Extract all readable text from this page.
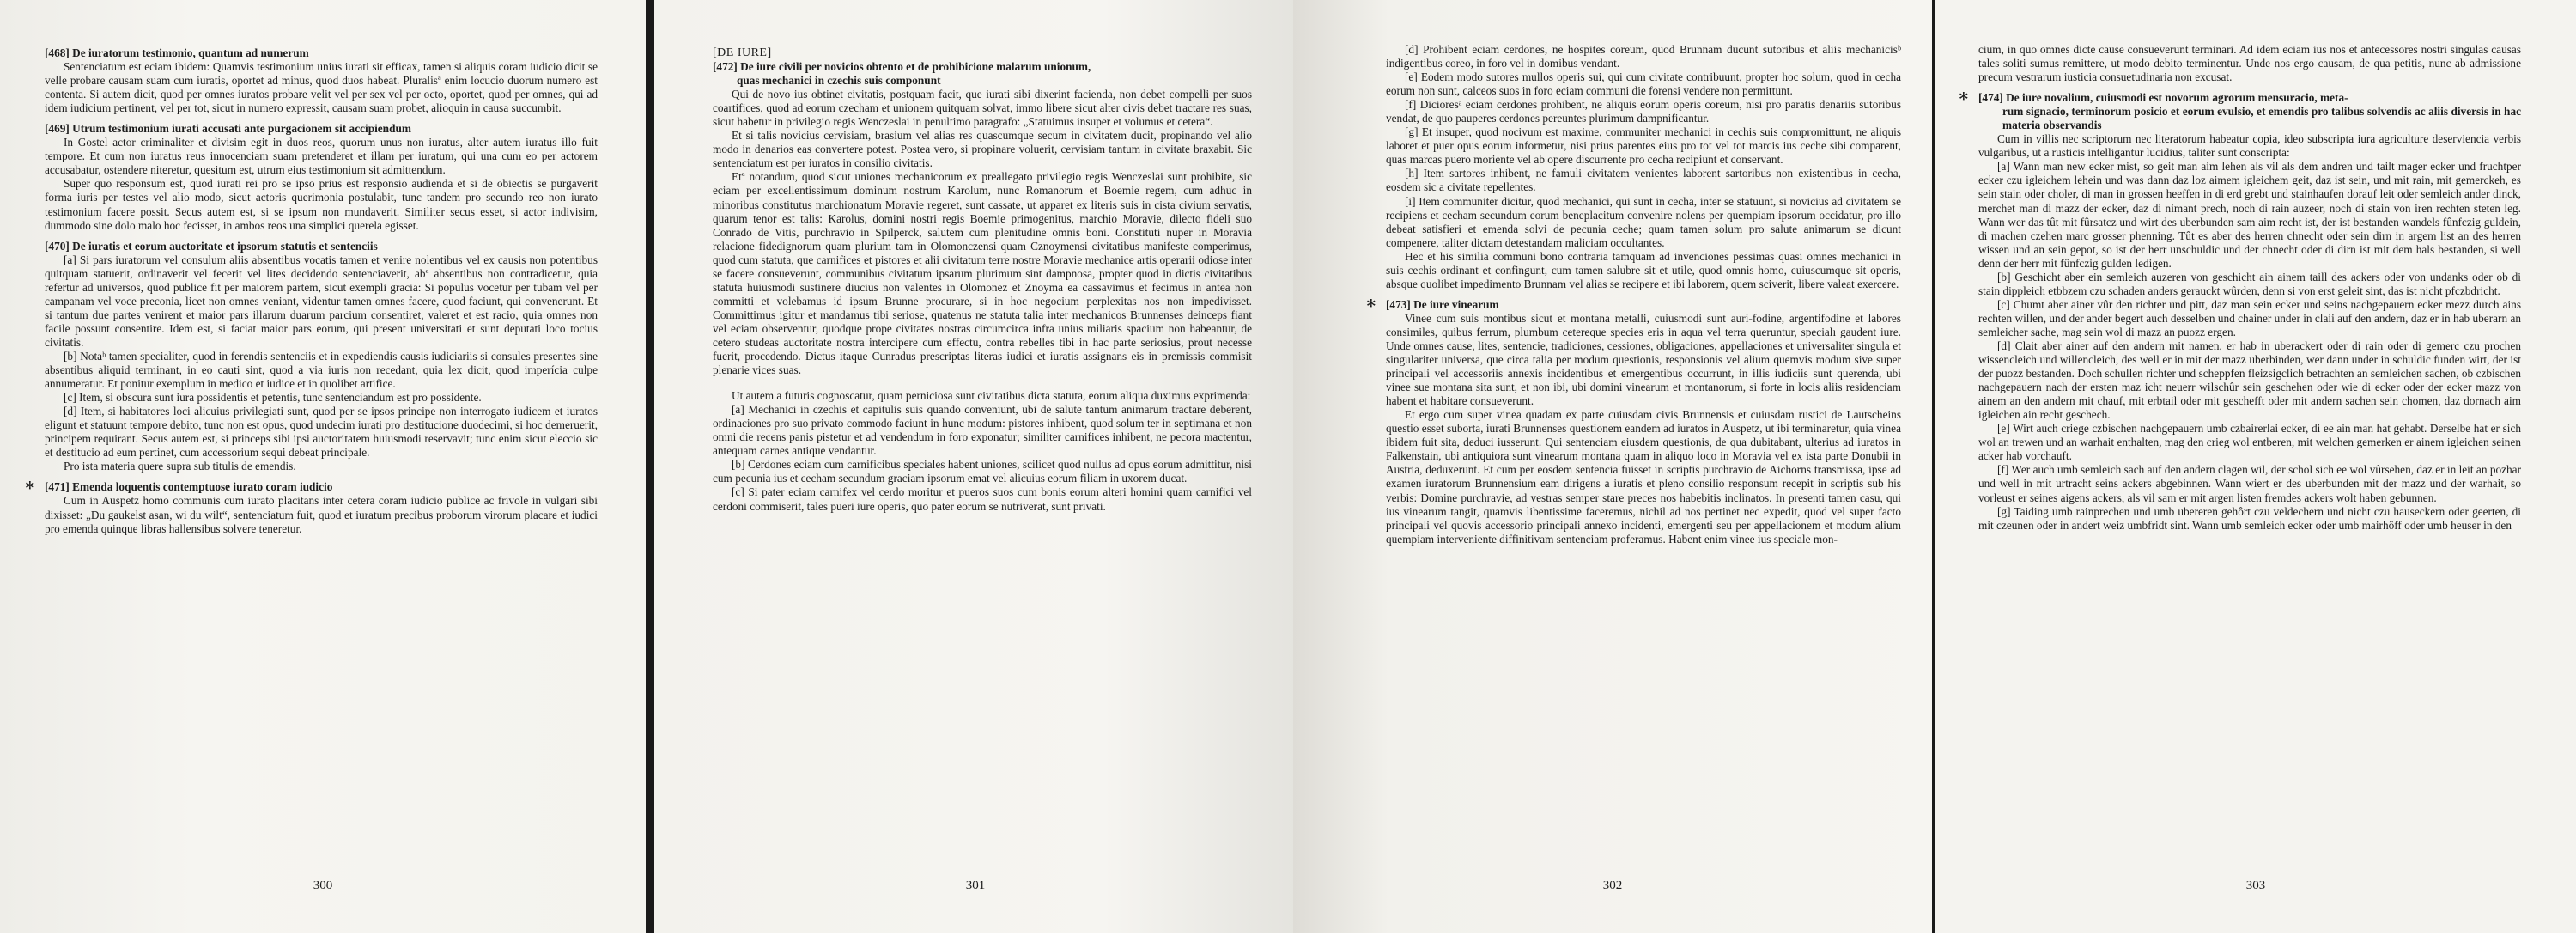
[468] De iuratorum testimonio, quantum ad numerum

Sentenciatum est eciam ibidem: Quamvis testimonium unius iurati sit efficax, tamen si aliquis coram iudicio dicit se velle probare causam suam cum iuratis, oportet ad minus, quod duos habeat. Pluralisª enim locucio duorum numero est contenta. Si autem dicit, quod per omnes iuratos probare velit vel per sex vel per octo, oportet, quod per omnes, qui ad idem iudicium pertinent, vel per tot, sicut in numero expressit, causam suam probet, alioquin in causa succumbit.

[469] Utrum testimonium iurati accusati ante purgacionem sit accipiendum

In Gostel actor criminaliter et divisim egit in duos reos, quorum unus non iuratus, alter autem iuratus illo fuit tempore. Et cum non iuratus reus innocenciam suam pretenderet et illam per iuratum, qui una cum eo per actorem accusabatur, ostendere niteretur, quesitum est, utrum eius testimonium sit admittendum.

Super quo responsum est, quod iurati rei pro se ipso prius est responsio audienda et si de obiectis se purgaverit forma iuris per testes vel alio modo, sicut actoris querimonia postulabit, tunc tandem pro secundo reo non iurato testimonium facere possit. Secus autem est, si se ipsum non mundaverit. Similiter secus esset, si actor indivisim, dummodo sine dolo malo hoc fecisset, in ambos reos una simplici querela egisset.

[470] De iuratis et eorum auctoritate et ipsorum statutis et sentenciis

[a] Si pars iuratorum vel consulum aliis absentibus vocatis tamen et venire nolentibus vel ex causis non potentibus quitquam statuerit, ordinaverit vel fecerit vel lites decidendo sentenciaverit, abª absentibus non contradicetur, quia refertur ad universos, quod publice fit per maiorem partem, sicut exempli gracia: Si populus vocetur per tubam vel per campanam vel voce preconia, licet non omnes veniant, videntur tamen omnes facere, quod faciunt, qui convenerunt. Et si tantum due partes venirent et maior pars illarum duarum parcium consentiret, valeret et est racio, quia omnes non facile possunt consentire. Idem est, si faciat maior pars eorum, qui present universitati et sunt deputati loco tocius civitatis.

[b] Notaᵇ tamen specialiter, quod in ferendis sentenciis et in expediendis causis iudiciariis si consules presentes sine absentibus aliquid terminant, in eo cauti sint, quod a via iuris non recedant, quia lex dicit, quod imperícia culpe annumeratur. Et ponitur exemplum in medico et iudice et in quolibet artifice.

[c] Item, si obscura sunt iura possidentis et petentis, tunc sentenciandum est pro possidente.

[d] Item, si habitatores loci alicuius privilegiati sunt, quod per se ipsos principe non interrogato iudicem et iuratos eligunt et statuunt tempore debito, tunc non est opus, quod undecim iurati pro destitucione duodecimi, si hoc demeruerit, principem requirant. Secus autem est, si princeps sibi ipsi auctoritatem huiusmodi reservavit; tunc enim sicut eleccio sic et destitucio ad eum pertinet, cum accessorium sequi debeat principale.

Pro ista materia quere supra sub titulis de emendis.

∗ [471] Emenda loquentis contemptuose iurato coram iudicio

Cum in Auspetz homo communis cum iurato placitans inter cetera coram iudicio publice ac frivole in vulgari sibi dixisset: „Du gaukelst asan, wi du wilt“, sentenciatum fuit, quod et iuratum precibus proborum virorum placare et iudici pro emenda quinque libras hallensibus solvere teneretur.

300

[DE IURE]

[472] De iure civili per novicios obtento et de prohibicione malarum unionum,

quas mechanici in czechis suis componunt

Qui de novo ius obtinet civitatis, postquam facit, que iurati sibi dixerint facienda, non debet compelli per suos coartifices, quod ad eorum czecham et unionem quitquam solvat, immo libere sicut alter civis debet tractare res suas, sicut habetur in privilegio regis Wenczeslai in penultimo paragrafo: „Statuimus insuper et volumus et cetera“.

Et si talis novicius cervisiam, brasium vel alias res quascumque secum in civitatem ducit, propinando vel alio modo in denarios eas convertere potest. Postea vero, si propinare voluerit, cervisiam tantum in civitate braxabit. Sic sentenciatum est per iuratos in consilio civitatis.

Etª notandum, quod sicut uniones mechanicorum ex preallegato privilegio regis Wenczeslai sunt prohibite, sic eciam per excellentissimum dominum nostrum Karolum, nunc Romanorum et Boemie regem, cum adhuc in minoribus constitutus marchionatum Moravie regeret, sunt cassate, ut apparet ex literis suis in cista civium servatis, quarum tenor est talis: Karolus, domini nostri regis Boemie primogenitus, marchio Moravie, dilecto fideli suo Conrado de Vitis, purchravio in Spilperck, salutem cum plenitudine omnis boni. Constituti nuper in Moravia relacione fidedignorum quam plurium tam in Olomonczensi quam Cznoymensi civitatibus manifeste comperimus, quod cum statuta, que carnifices et pistores et alii civitatum terre nostre Moravie mechanice artis operarii odiose inter se facere consueverunt, communibus civitatum ipsarum plurimum sint dampnosa, propter quod in dictis civitatibus statuta huiusmodi sustinere diucius non valentes in Olomonez et Znoyma ea cassavimus et fecimus in antea non committi et volebamus id ipsum Brunne procurare, si in hoc negocium perplexitas nos non impedivisset. Committimus igitur et mandamus tibi seriose, quatenus ne statuta talia inter mechanicos Brunnenses deinceps fiant vel eciam observentur, quodque prope civitates nostras circumcirca infra unius miliaris spacium non habeantur, de cetero studeas auctoritate nostra intercipere cum effectu, contra rebelles tibi in hac parte seriosius, prout necesse fuerit, procedendo. Dictus itaque Cunradus prescriptas literas iudici et iuratis assignans eis in premissis commisit plenarie vices suas.

Ut autem a futuris cognoscatur, quam perniciosa sunt civitatibus dicta statuta, eorum aliqua duximus exprimenda:

[a] Mechanici in czechis et capitulis suis quando conveniunt, ubi de salute tantum animarum tractare deberent, ordinaciones pro suo privato commodo faciunt in hunc modum: pistores inhibent, quod solum ter in septimana et non omni die recens panis pistetur et ad vendendum in foro exponatur; similiter carnifices inhibent, ne pecora mactentur, antequam carnes antique vendantur.

[b] Cerdones eciam cum carnificibus speciales habent uniones, scilicet quod nullus ad opus eorum admittitur, nisi cum pecunia ius et cecham secundum graciam ipsorum emat vel alicuius eorum filiam in uxorem ducat.

[c] Si pater eciam carnifex vel cerdo moritur et pueros suos cum bonis eorum alteri homini quam carnifici vel cerdoni commiserit, tales pueri iure operis, quo pater eorum se nutriverat, sunt privati.

301

[d] Prohibent eciam cerdones, ne hospites coreum, quod Brunnam ducunt sutoribus et aliis mechanicisᵇ indigentibus coreo, in foro vel in domibus vendant.

[e] Eodem modo sutores mullos operis sui, qui cum civitate contribuunt, propter hoc solum, quod in cecha eorum non sunt, calceos suos in foro eciam communi die forensi vendere non permittunt.

[f] Dicioresᵃ eciam cerdones prohibent, ne aliquis eorum operis coreum, nisi pro paratis denariis sutoribus vendat, de quo pauperes cerdones pereuntes plurimum dampnificantur.

[g] Et insuper, quod nocivum est maxime, communiter mechanici in cechis suis compromittunt, ne aliquis laboret et puer opus eorum informetur, nisi prius parentes eius pro tot vel tot marcis ius ceche sibi comparent, quas marcas puero moriente vel ab opere discurrente pro cecha recipiunt et conservant.

[h] Item sartores inhibent, ne famuli civitatem venientes laborent sartoribus non existentibus in cecha, eosdem sic a civitate repellentes.

[i] Item communiter dicitur, quod mechanici, qui sunt in cecha, inter se statuunt, si novicius ad civitatem se recipiens et cecham secundum eorum beneplacitum convenire nolens per quempiam ipsorum occidatur, pro illo debeat satisfieri et emenda solvi de pecunia ceche; quam tamen solum pro salute animarum se dicunt compenere, taliter dictam detestandam maliciam occultantes.

Hec et his similia communi bono contraria tamquam ad invenciones pessimas quasi omnes mechanici in suis cechis ordinant et confingunt, cum tamen salubre sit et utile, quod omnis homo, cuiuscumque sit operis, absque quolibet impedimento Brunnam vel alias se recipere et ibi laborem, quem sciverit, libere valeat exercere.

∗ [473] De iure vinearum

Vinee cum suis montibus sicut et montana metalli, cuiusmodi sunt auri-fodine, argentifodine et labores consimiles, quibus ferrum, plumbum cetereque species eris in aqua vel terra queruntur, specialı gaudent iure. Unde omnes cause, lites, sentencie, tradiciones, cessiones, obligaciones, appellaciones et universaliter singula et singulariter universa, que circa talia per modum questionis, responsionis vel alium quemvis modum sive super principali vel accessoriis annexis incidentibus et emergentibus occurrunt, in illis iudiciis sunt querenda, ubi vinee sue montana sita sunt, et non ibi, ubi domini vinearum et montanorum, si forte in locis aliis residenciam habent et habitare consueverunt.

Et ergo cum super vinea quadam ex parte cuiusdam civis Brunnensis et cuiusdam rustici de Lautscheins questio esset suborta, iurati Brunnenses questionem eandem ad iuratos in Auspetz, ut ibi terminaretur, quia vinea ibidem fuit sita, deduci iusserunt. Qui sentenciam eiusdem questionis, de qua dubitabant, ulterius ad iuratos in Falkenstain, ubi antiquiora sunt vinearum montana quam in aliquo loco in Moravia vel ex ista parte Donubii in Austria, deduxerunt. Et cum per eosdem sentencia fuisset in scriptis purchravio de Aichorns transmissa, ipse ad examen iuratorum Brunnensium eam dirigens a iuratis et pleno consilio responsum recepit in scriptis sub his verbis: Domine purchravie, ad vestras semper stare preces nos habebitis inclinatos. In presenti tamen casu, qui ius vinearum tangit, quamvis libentissime faceremus, nichil ad nos pertinet nec expedit, quod vel super facto principali vel quovis accessorio principali annexo incidenti, emergenti seu per appellacionem et modum alium quempiam interveniente diffinitivam sentenciam proferamus. Habent enim vinee ius speciale mon-

302

cium, in quo omnes dicte cause consueverunt terminari. Ad idem eciam ius nos et antecessores nostri singulas causas tales soliti sumus remittere, ut modo debito terminentur. Unde nos ergo causam, de qua petitis, nunc ab admissione precum vestrarum iusticia consuetudinaria non excusat.

∗ [474] De iure novalium, cuiusmodi est novorum agrorum mensuracio, meta-

rum signacio, terminorum posicio et eorum evulsio, et emendis pro talibus solvendis ac aliis diversis in hac materia observandis

Cum in villis nec scriptorum nec literatorum habeatur copia, ideo subscripta iura agriculture deserviencia verbis vulgaribus, ut a rusticis intelligantur lucidius, taliter sunt conscripta:

[a] Wann man new ecker mist, so geit man aim lehen als vil als dem andren und tailt mager ecker und fruchtper ecker czu igleichem lehein und was dann daz loz aimem igleichem geit, daz ist sein, und mit rain, mit gemerckeh, es sein stain oder choler, di man in grossen heeffen in di erd grebt und stainhaufen dorauf leit oder semleich ander dinck, merchet man di mazz der ecker, daz di nimant prech, noch di rain auzeer, noch di stain von iren rechten steten leg. Wann wer das tût mit fûrsatcz und wirt des uberbunden sam aim recht ist, der ist bestanden wandels fûnfczig guldein, di machen czehen marc grosser phenning. Tût es aber des herren chnecht oder sein dirn in argem list an des herren wissen und an sein gepot, so ist der herr unschuldic und der chnecht oder di dirn ist mit dem hals bestanden, si well denn der herr mit fûnfczig gulden ledigen.

[b] Geschicht aber ein semleich auzeren von geschicht ain ainem taill des ackers oder von undanks oder ob di stain dippleich etbbzem czu schaden anders gerauckt wûrden, denn si von erst geleit sint, das ist nicht pfczbdricht.

[c] Chumt aber ainer vûr den richter und pitt, daz man sein ecker und seins nachgepauern ecker mezz durch ains rechten willen, und der ander begert auch desselben und chainer under in claii auf den andern, daz er in hab uberarn an semleicher sache, mag sein wol di mazz an puozz ergen.

[d] Clait aber ainer auf den andern mit namen, er hab in uberackert oder di rain oder di gemerc czu prochen wissencleich und willencleich, des well er in mit der mazz uberbinden, wer dann under in schuldic funden wirt, der ist der puozz bestanden. Doch schullen richter und scheppfen fleizsigclich betrachten an semleichen sachen, ob czbischen nachgepauern nach der ersten maz icht neuerr wilschûr sein geschehen oder wie di ecker oder der ecker mazz von ainem an den andern mit chauf, mit erbtail oder mit geschefft oder mit andern sachen sein chomen, daz dornach aim igleichen ain recht geschech.

[e] Wirt auch criege czbischen nachgepauern umb czbairerlai ecker, di ee ain man hat gehabt. Derselbe hat er sich wol an trewen und an warhait enthalten, mag den crieg wol entberen, mit welchen gemerken er ainem igleichen seinen acker hab vorchauft.

[f] Wer auch umb semleich sach auf den andern clagen wil, der schol sich ee wol vûrsehen, daz er in leit an pozhar und well in mit urtracht seins ackers abgebinnen. Wann wiert er des uberbunden mit der mazz und der warhait, so vorleust er seines aigens ackers, als vil sam er mit argen listen fremdes ackers wolt haben gebunnen.

[g] Taiding umb rainprechen und umb ubereren gehôrt czu veldechern und nicht czu hauseckern oder geerten, di mit czeunen oder in andert weiz umbfridt sint. Wann umb semleich ecker oder umb mairhôff oder umb heuser in den

303
